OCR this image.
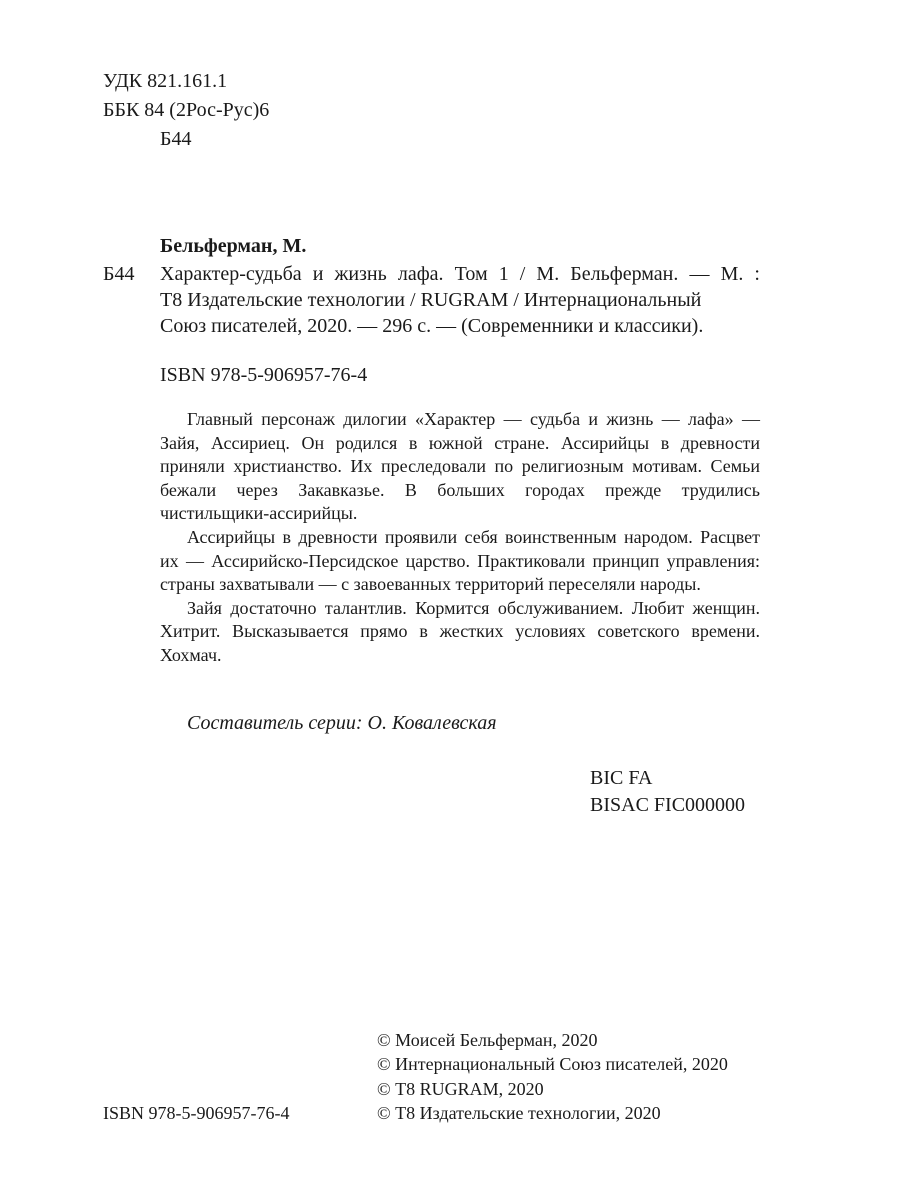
УДК 821.161.1
ББК 84 (2Рос-Рус)6
Б44
Бельферман, М.
Б44 Характер-судьба и жизнь лафа. Том 1 / М. Бельферман. — М. :
Т8 Издательские технологии / RUGRAM / Интернациональный
Союз писателей, 2020. — 296 с. — (Современники и классики).
ISBN 978-5-906957-76-4

Главный персонаж дилогии «Характер — судьба и жизнь — лафа» — Зайя, Ассириец. Он родился в южной стране. Ассирийцы в древности приняли христианство. Их преследовали по религиозным мотивам. Семьи бежали через Закавказье. В больших городах прежде трудились чистильщики-ассирийцы.

Ассирийцы в древности проявили себя воинственным народом. Расцвет их — Ассирийско-Персидское царство. Практиковали принцип управления: страны захватывали — с завоеванных территорий переселяли народы.

Зайя достаточно талантлив. Кормится обслуживанием. Любит женщин. Хитрит. Высказывается прямо в жестких условиях советского времени. Хохмач.

Составитель серии: О. Ковалевская
BIC FA
BISAC FIC000000
ISBN 978-5-906957-76-4
© Моисей Бельферман, 2020
© Интернациональный Союз писателей, 2020
© Т8 RUGRAM, 2020
© Т8 Издательские технологии, 2020
